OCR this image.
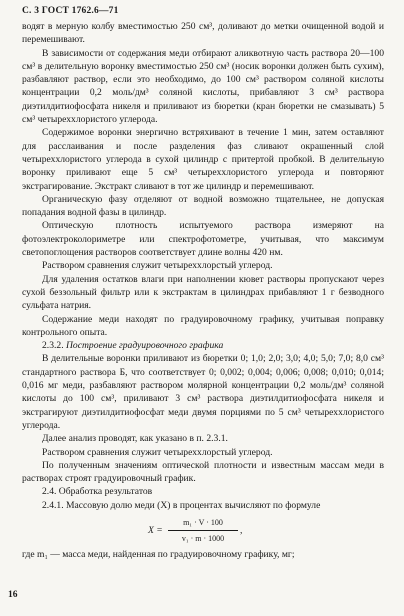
С. 3 ГОСТ 1762.6—71

водят в мерную колбу вместимостью 250 см³, доливают до метки очищенной водой и перемешивают.

В зависимости от содержания меди отбирают аликвотную часть раствора 20—100 см³ в делительную воронку вместимостью 250 см³ (носик воронки должен быть сухим), разбавляют раствор, если это необходимо, до 100 см³ раствором соляной кислоты концентрации 0,2 моль/дм³ соляной кислоты, прибавляют 3 см³ раствора диэтилдитиофосфата никеля и приливают из бюретки (кран бюретки не смазывать) 5 см³ четыреххлористого углерода.

Содержимое воронки энергично встряхивают в течение 1 мин, затем оставляют для расслаивания и после разделения фаз сливают окрашенный слой четыреххлористого углерода в сухой цилиндр с притертой пробкой. В делительную воронку приливают еще 5 см³ четыреххлористого углерода и повторяют экстрагирование. Экстракт сливают в тот же цилиндр и перемешивают.

Органическую фазу отделяют от водной возможно тщательнее, не допуская попадания водной фазы в цилиндр.

Оптическую плотность испытуемого раствора измеряют на фотоэлектроколориметре или спектрофотометре, учитывая, что максимум светопоглощения растворов соответствует длине волны 420 нм.

Раствором сравнения служит четыреххлорстый углерод.

Для удаления остатков влаги при наполнении кювет растворы пропускают через сухой беззольный фильтр или к экстрактам в цилиндрах прибавляют 1 г безводного сульфата натрия.

Содержание меди находят по градуировочному графику, учитывая поправку контрольного опыта.

2.3.2. Построение градуировочного графика

В делительные воронки приливают из бюретки 0; 1,0; 2,0; 3,0; 4,0; 5,0; 7,0; 8,0 см³ стандартного раствора Б, что соответствует 0; 0,002; 0,004; 0,006; 0,008; 0,010; 0,014; 0,016 мг меди, разбавляют раствором молярной концентрации 0,2 моль/дм³ соляной кислоты до 100 см³, приливают 3 см³ раствора диэтилдитиофосфата никеля и экстрагируют диэтилдитиофосфат меди двумя порциями по 5 см³ четыреххлористого углерода.

Далее анализ проводят, как указано в п. 2.3.1.

Раствором сравнения служит четыреххлорстый углерод.

По полученным значениям оптической плотности и известным массам меди в растворах строят градуировочный график.

2.4. Обработка результатов

2.4.1. Массовую долю меди (X) в процентах вычисляют по формуле

$X = \frac{\text{m₁ · V · 100}}{\text{v₁ · m · 1000}}$ ,

где m₁ — масса меди, найденная по градуировочному графику, мг;

16
